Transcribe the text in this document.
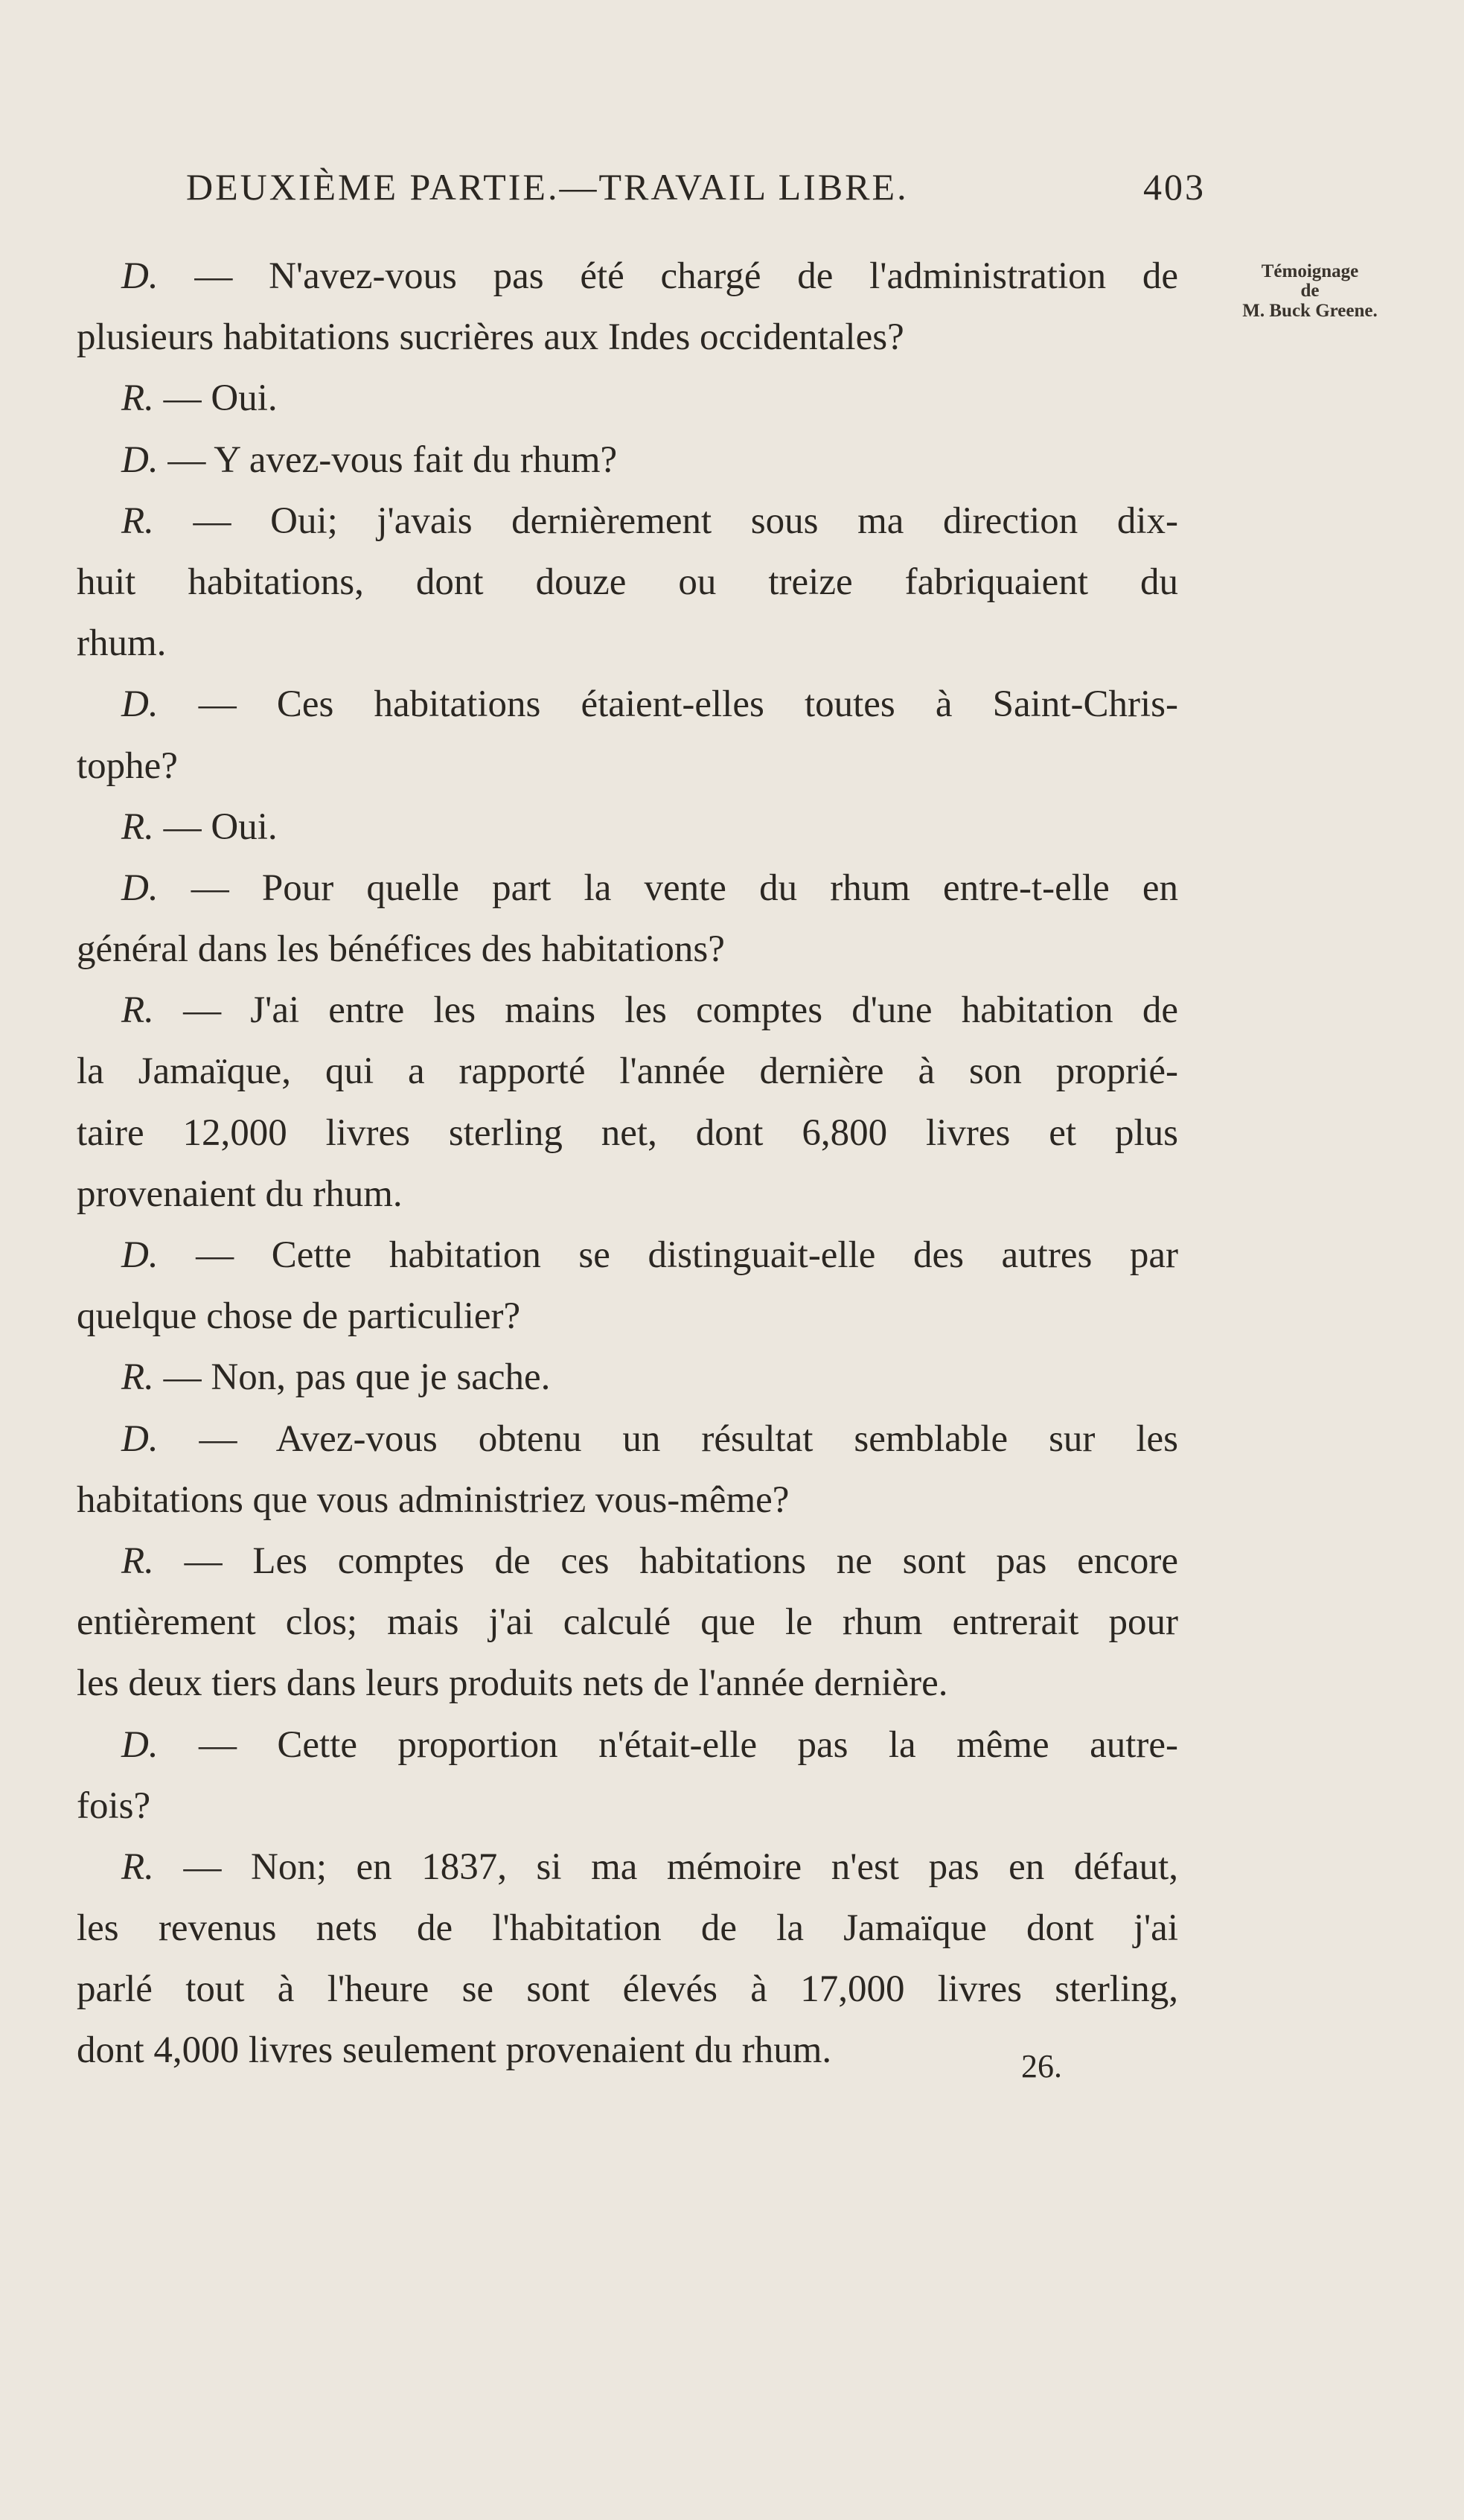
DEUXIÈME PARTIE.—TRAVAIL LIBRE.	403
Témoignage
de
M. Buck Greene.
D. — N'avez-vous pas été chargé de l'administration de
plusieurs habitations sucrières aux Indes occidentales?
R. — Oui.
D. — Y avez-vous fait du rhum?
R. — Oui; j'avais dernièrement sous ma direction dix-
huit habitations, dont douze ou treize fabriquaient du
rhum.
D. — Ces habitations étaient-elles toutes à Saint-Chris-
tophe?
R. — Oui.
D. — Pour quelle part la vente du rhum entre-t-elle en
général dans les bénéfices des habitations?
R. — J'ai entre les mains les comptes d'une habitation de
la Jamaïque, qui a rapporté l'année dernière à son proprié-
taire 12,000 livres sterling net, dont 6,800 livres et plus
provenaient du rhum.
D. — Cette habitation se distinguait-elle des autres par
quelque chose de particulier?
R. — Non, pas que je sache.
D. — Avez-vous obtenu un résultat semblable sur les
habitations que vous administriez vous-même?
R. — Les comptes de ces habitations ne sont pas encore
entièrement clos; mais j'ai calculé que le rhum entrerait pour
les deux tiers dans leurs produits nets de l'année dernière.
D. — Cette proportion n'était-elle pas la même autre-
fois?
R. — Non; en 1837, si ma mémoire n'est pas en défaut,
les revenus nets de l'habitation de la Jamaïque dont j'ai
parlé tout à l'heure se sont élevés à 17,000 livres sterling,
dont 4,000 livres seulement provenaient du rhum.	26.
